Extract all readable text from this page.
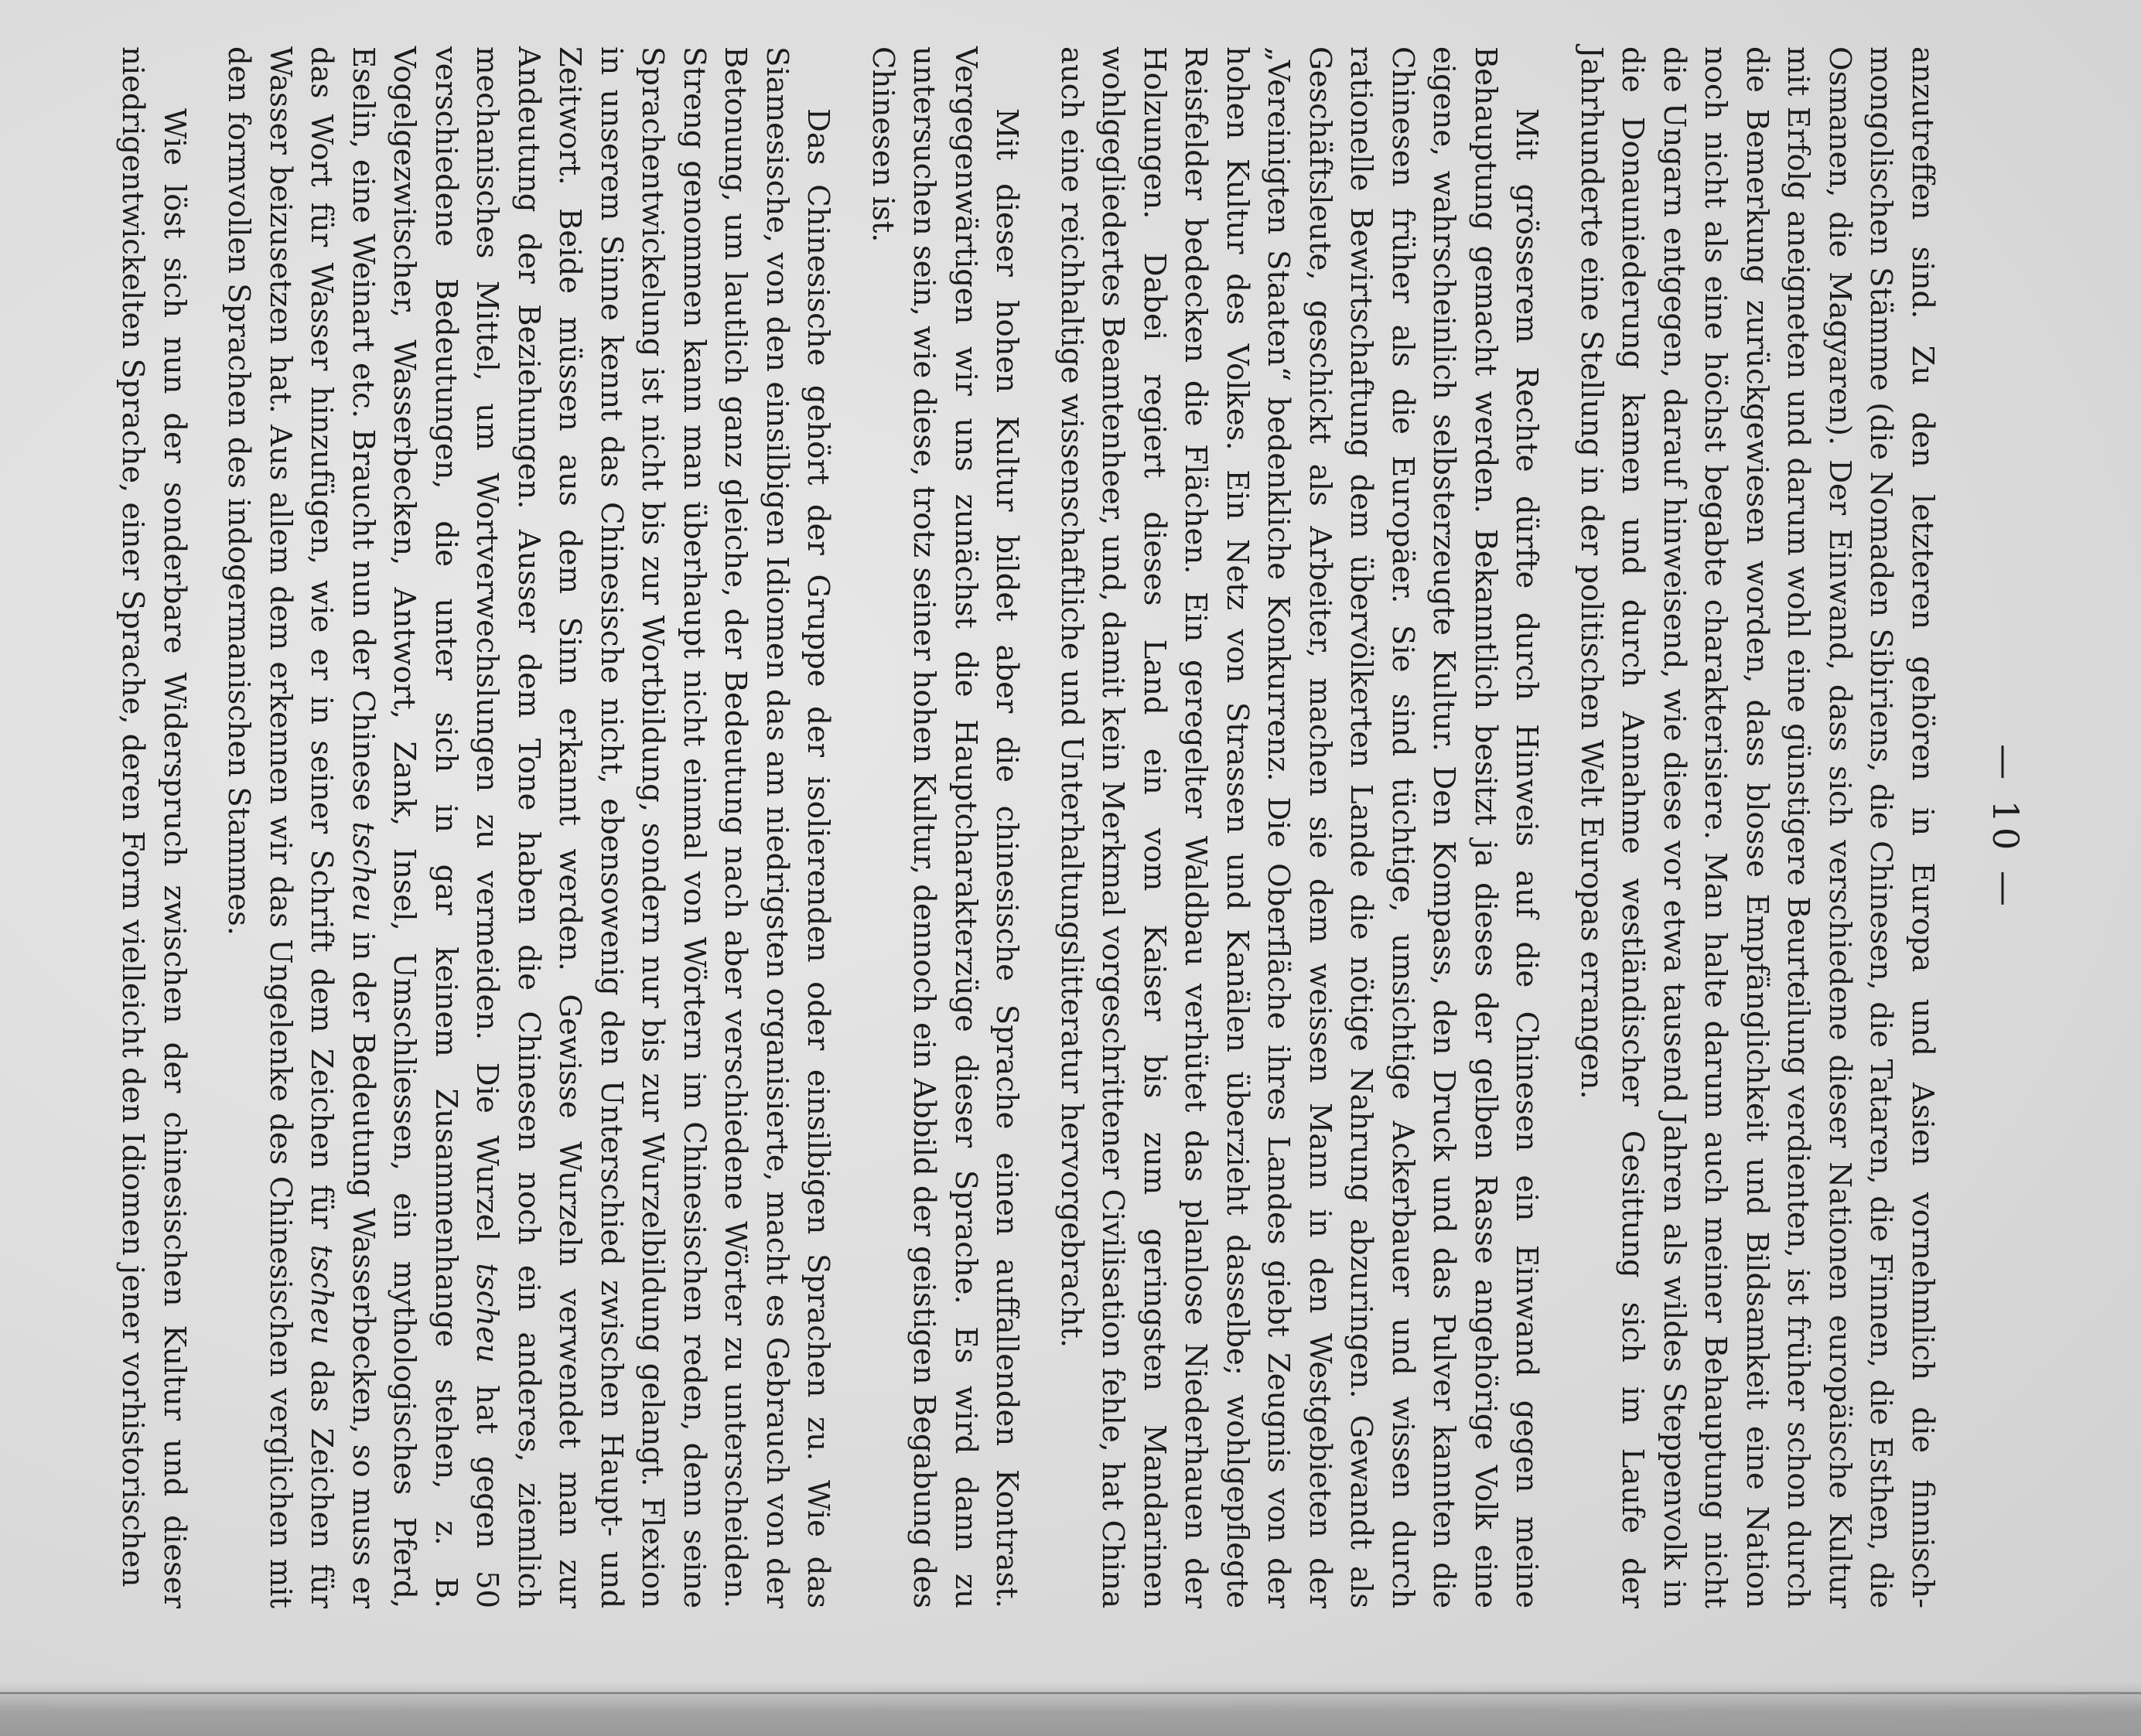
— 10 —

anzutreffen sind. Zu den letzteren gehören in Europa und Asien vornehmlich die finnisch-mongolischen Stämme (die Nomaden Sibiriens, die Chinesen, die Tataren, die Finnen, die Esthen, die Osmanen, die Magyaren). Der Einwand, dass sich verschiedene dieser Nationen europäische Kultur mit Erfolg aneigneten und darum wohl eine günstigere Beurteilung verdienten, ist früher schon durch die Bemerkung zurückgewiesen worden, dass blosse Empfänglichkeit und Bildsamkeit eine Nation noch nicht als eine höchst begabte charakterisiere. Man halte darum auch meiner Behauptung nicht die Ungarn entgegen, darauf hinweisend, wie diese vor etwa tausend Jahren als wildes Steppenvolk in die Donauniederung kamen und durch Annahme westländischer Gesittung sich im Laufe der Jahrhunderte eine Stellung in der politischen Welt Europas errangen.

Mit grösserem Rechte dürfte durch Hinweis auf die Chinesen ein Einwand gegen meine Behauptung gemacht werden. Bekanntlich besitzt ja dieses der gelben Rasse angehörige Volk eine eigene, wahrscheinlich selbsterzeugte Kultur. Den Kompass, den Druck und das Pulver kannten die Chinesen früher als die Europäer. Sie sind tüchtige, umsichtige Ackerbauer und wissen durch rationelle Bewirtschaftung dem übervölkerten Lande die nötige Nahrung abzuringen. Gewandt als Geschäftsleute, geschickt als Arbeiter, machen sie dem weissen Mann in den Westgebieten der „Vereinigten Staaten“ bedenkliche Konkurrenz. Die Oberfläche ihres Landes giebt Zeugnis von der hohen Kultur des Volkes. Ein Netz von Strassen und Kanälen überzieht dasselbe; wohlgepflegte Reisfelder bedecken die Flächen. Ein geregelter Waldbau verhütet das planlose Niederhauen der Holzungen. Dabei regiert dieses Land ein vom Kaiser bis zum geringsten Mandarinen wohlgegliedertes Beamtenheer, und, damit kein Merkmal vorgeschrittener Civilisation fehle, hat China auch eine reichhaltige wissenschaftliche und Unterhaltungslitteratur hervorgebracht.

Mit dieser hohen Kultur bildet aber die chinesische Sprache einen auffallenden Kontrast. Vergegenwärtigen wir uns zunächst die Hauptcharakterzüge dieser Sprache. Es wird dann zu untersuchen sein, wie diese, trotz seiner hohen Kultur, dennoch ein Abbild der geistigen Begabung des Chinesen ist.

Das Chinesische gehört der Gruppe der isolierenden oder einsilbigen Sprachen zu. Wie das Siamesische, von den einsilbigen Idiomen das am niedrigsten organisierte, macht es Gebrauch von der Betonung, um lautlich ganz gleiche, der Bedeutung nach aber verschiedene Wörter zu unterscheiden. Streng genommen kann man überhaupt nicht einmal von Wörtern im Chinesischen reden, denn seine Sprachentwickelung ist nicht bis zur Wortbildung, sondern nur bis zur Wurzelbildung gelangt. Flexion in unserem Sinne kennt das Chinesische nicht, ebensowenig den Unterschied zwischen Haupt- und Zeitwort. Beide müssen aus dem Sinn erkannt werden. Gewisse Wurzeln verwendet man zur Andeutung der Beziehungen. Ausser dem Tone haben die Chinesen noch ein anderes, ziemlich mechanisches Mittel, um Wortverwechslungen zu vermeiden. Die Wurzel tscheu hat gegen 50 verschiedene Bedeutungen, die unter sich in gar keinem Zusammenhange stehen, z. B. Vogelgezwitscher, Wasserbecken, Antwort, Zank, Insel, Umschliessen, ein mythologisches Pferd, Eselin, eine Weinart etc. Braucht nun der Chinese tscheu in der Bedeutung Wasserbecken, so muss er das Wort für Wasser hinzufügen, wie er in seiner Schrift dem Zeichen für tscheu das Zeichen für Wasser beizusetzen hat. Aus allem dem erkennen wir das Ungelenke des Chinesischen verglichen mit den formvollen Sprachen des indogermanischen Stammes.

Wie löst sich nun der sonderbare Widerspruch zwischen der chinesischen Kultur und dieser niedrigentwickelten Sprache, einer Sprache, deren Form vielleicht den Idiomen jener vorhistorischen
